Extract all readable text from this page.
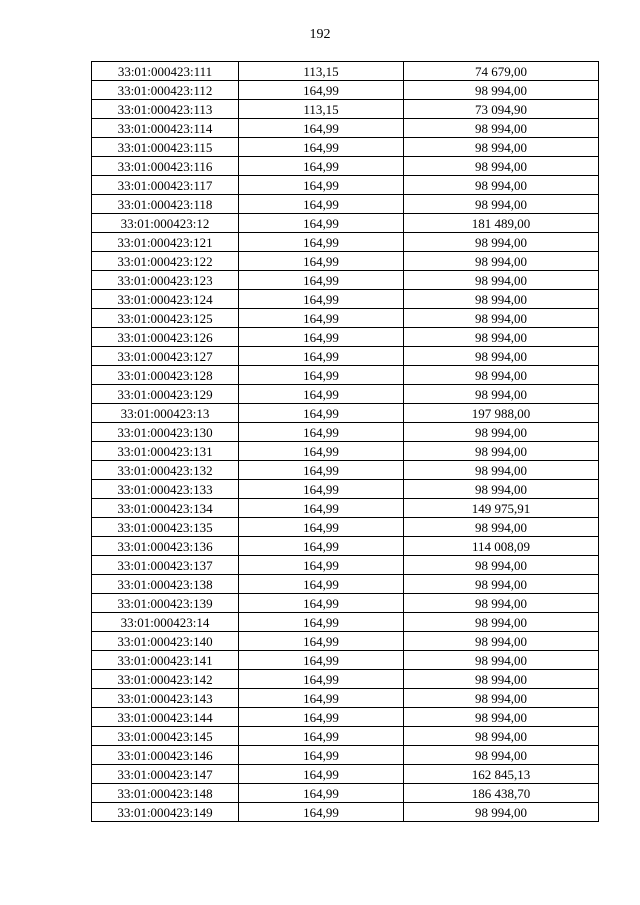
192
33:01:000423:111	113,15	74 679,00
33:01:000423:112	164,99	98 994,00
33:01:000423:113	113,15	73 094,90
33:01:000423:114	164,99	98 994,00
33:01:000423:115	164,99	98 994,00
33:01:000423:116	164,99	98 994,00
33:01:000423:117	164,99	98 994,00
33:01:000423:118	164,99	98 994,00
33:01:000423:12	164,99	181 489,00
33:01:000423:121	164,99	98 994,00
33:01:000423:122	164,99	98 994,00
33:01:000423:123	164,99	98 994,00
33:01:000423:124	164,99	98 994,00
33:01:000423:125	164,99	98 994,00
33:01:000423:126	164,99	98 994,00
33:01:000423:127	164,99	98 994,00
33:01:000423:128	164,99	98 994,00
33:01:000423:129	164,99	98 994,00
33:01:000423:13	164,99	197 988,00
33:01:000423:130	164,99	98 994,00
33:01:000423:131	164,99	98 994,00
33:01:000423:132	164,99	98 994,00
33:01:000423:133	164,99	98 994,00
33:01:000423:134	164,99	149 975,91
33:01:000423:135	164,99	98 994,00
33:01:000423:136	164,99	114 008,09
33:01:000423:137	164,99	98 994,00
33:01:000423:138	164,99	98 994,00
33:01:000423:139	164,99	98 994,00
33:01:000423:14	164,99	98 994,00
33:01:000423:140	164,99	98 994,00
33:01:000423:141	164,99	98 994,00
33:01:000423:142	164,99	98 994,00
33:01:000423:143	164,99	98 994,00
33:01:000423:144	164,99	98 994,00
33:01:000423:145	164,99	98 994,00
33:01:000423:146	164,99	98 994,00
33:01:000423:147	164,99	162 845,13
33:01:000423:148	164,99	186 438,70
33:01:000423:149	164,99	98 994,00
